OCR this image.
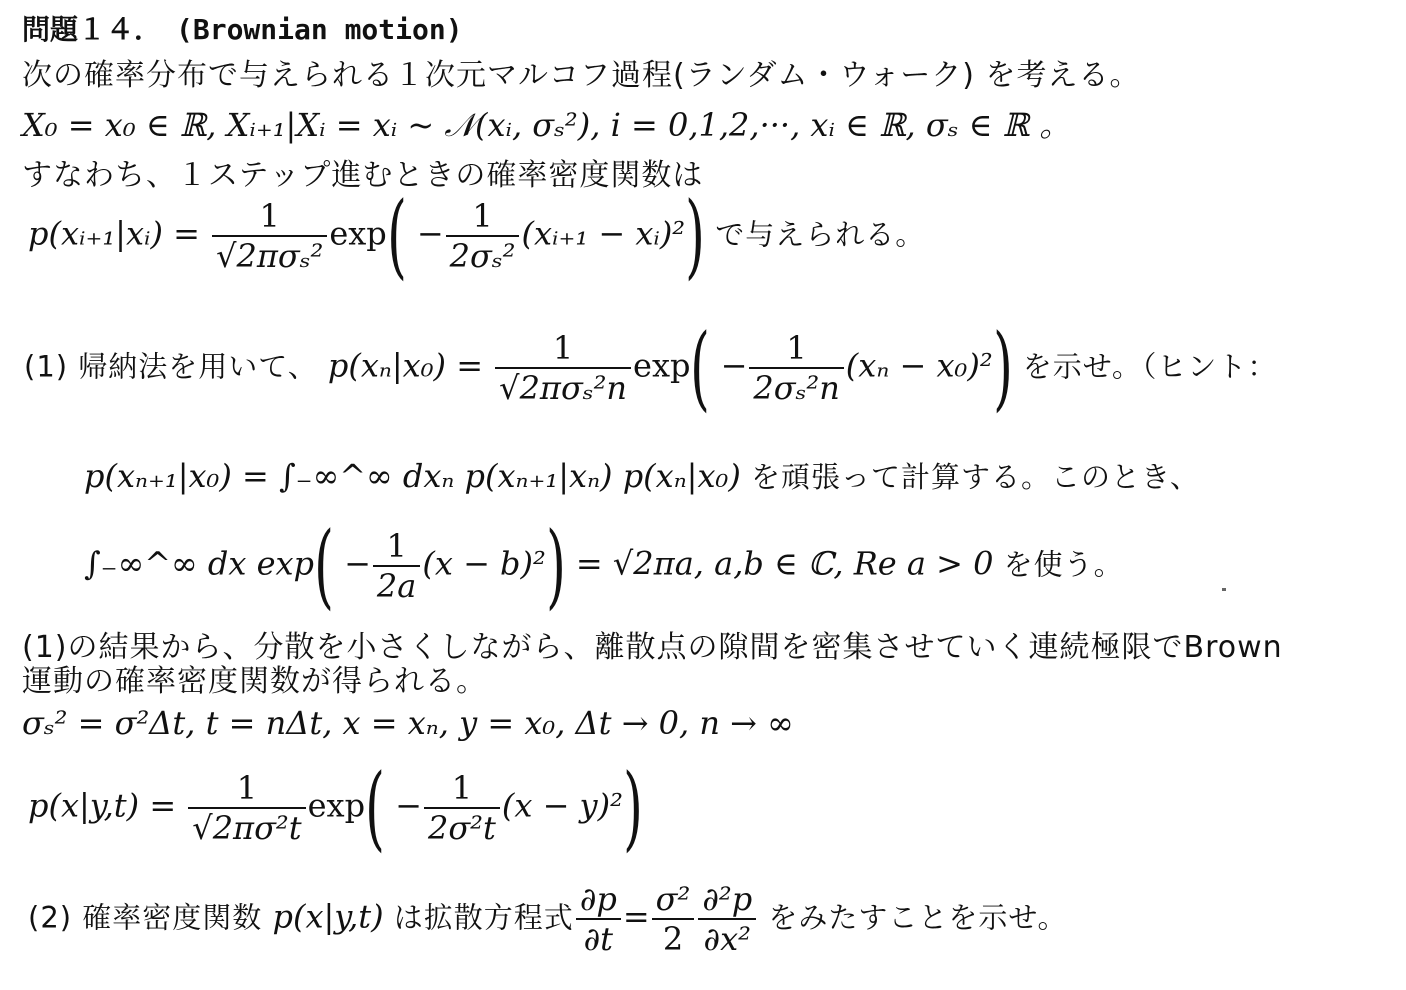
問題１４．　(Brownian motion)
次の確率分布で与えられる１次元マルコフ過程(ランダム・ウォーク) を考える。
X₀ = x₀ ∈ ℝ, Xᵢ₊₁|Xᵢ = xᵢ ~ 𝒩(xᵢ, σₛ²), i = 0,1,2,···, xᵢ ∈ ℝ, σₛ ∈ ℝ 。
すなわち、１ステップ進むときの確率密度関数は
p(xᵢ₊₁|xᵢ) = $\frac{1}{\text{√2πσₛ²}} \exp( - \frac{1}{\text{2σₛ²}}$ (xᵢ₊₁ − xᵢ)²) で与えられる。
(1) 帰納法を用いて、 $p(x_n|x_0) = \frac{1}{\text{√2πσₛ²n}} \exp( - \frac{1}{\text{2σₛ²n}} (x_n - x_0)^2)$ を示せ。（ヒント：
p(xₙ₊₁|x₀) = ∫₋∞^∞ dxₙ p(xₙ₊₁|xₙ) p(xₙ|x₀) を頑張って計算する。このとき、
∫₋∞^∞ dx $\exp( - \frac{1}{2a} (x - b)^2) = √2\pi a$, a,b ∈ ℂ, Re a > 0 を使う。
(1)の結果から、分散を小さくしながら、離散点の隙間を密集させていく連続極限でBrown
運動の確率密度関数が得られる。
σₛ² = σ²Δt, t = nΔt, x = xₙ, y = x₀, Δt → 0, n → ∞
$p(x|y,t) = \frac{1}{\text{√2πσ²t}} \exp( - \frac{1}{\text{2σ²t}} (x - y)^2)$
(2) 確率密度関数 p(x|y,t) は拡散方程式 $\frac{\partial p}{\partial t} = \frac{\text{σ²}}{2} \frac{\text{∂²p}}{\text{∂x²}}$ をみたすことを示せ。
